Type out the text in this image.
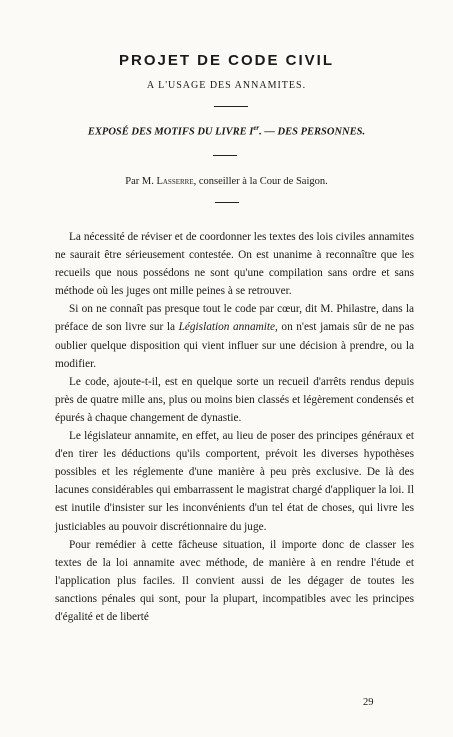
PROJET DE CODE CIVIL
A L'USAGE DES ANNAMITES.
EXPOSÉ DES MOTIFS DU LIVRE Ier. — DES PERSONNES.
Par M. Lasserre, conseiller à la Cour de Saigon.

La nécessité de réviser et de coordonner les textes des lois civiles annamites ne saurait être sérieusement contestée. On est unanime à reconnaître que les recueils que nous possédons ne sont qu'une compilation sans ordre et sans méthode où les juges ont mille peines à se retrouver.

Si on ne connaît pas presque tout le code par cœur, dit M. Philastre, dans la préface de son livre sur la Législation annamite, on n'est jamais sûr de ne pas oublier quelque disposition qui vient influer sur une décision à prendre, ou la modifier.

Le code, ajoute-t-il, est en quelque sorte un recueil d'arrêts rendus depuis près de quatre mille ans, plus ou moins bien classés et légèrement condensés et épurés à chaque changement de dynastie.

Le législateur annamite, en effet, au lieu de poser des principes généraux et d'en tirer les déductions qu'ils comportent, prévoit les diverses hypothèses possibles et les réglemente d'une manière à peu près exclusive. De là des lacunes considérables qui embarrassent le magistrat chargé d'appliquer la loi. Il est inutile d'insister sur les inconvénients d'un tel état de choses, qui livre les justiciables au pouvoir discrétionnaire du juge.

Pour remédier à cette fâcheuse situation, il importe donc de classer les textes de la loi annamite avec méthode, de manière à en rendre l'étude et l'application plus faciles. Il convient aussi de les dégager de toutes les sanctions pénales qui sont, pour la plupart, incompatibles avec les principes d'égalité et de liberté

29
